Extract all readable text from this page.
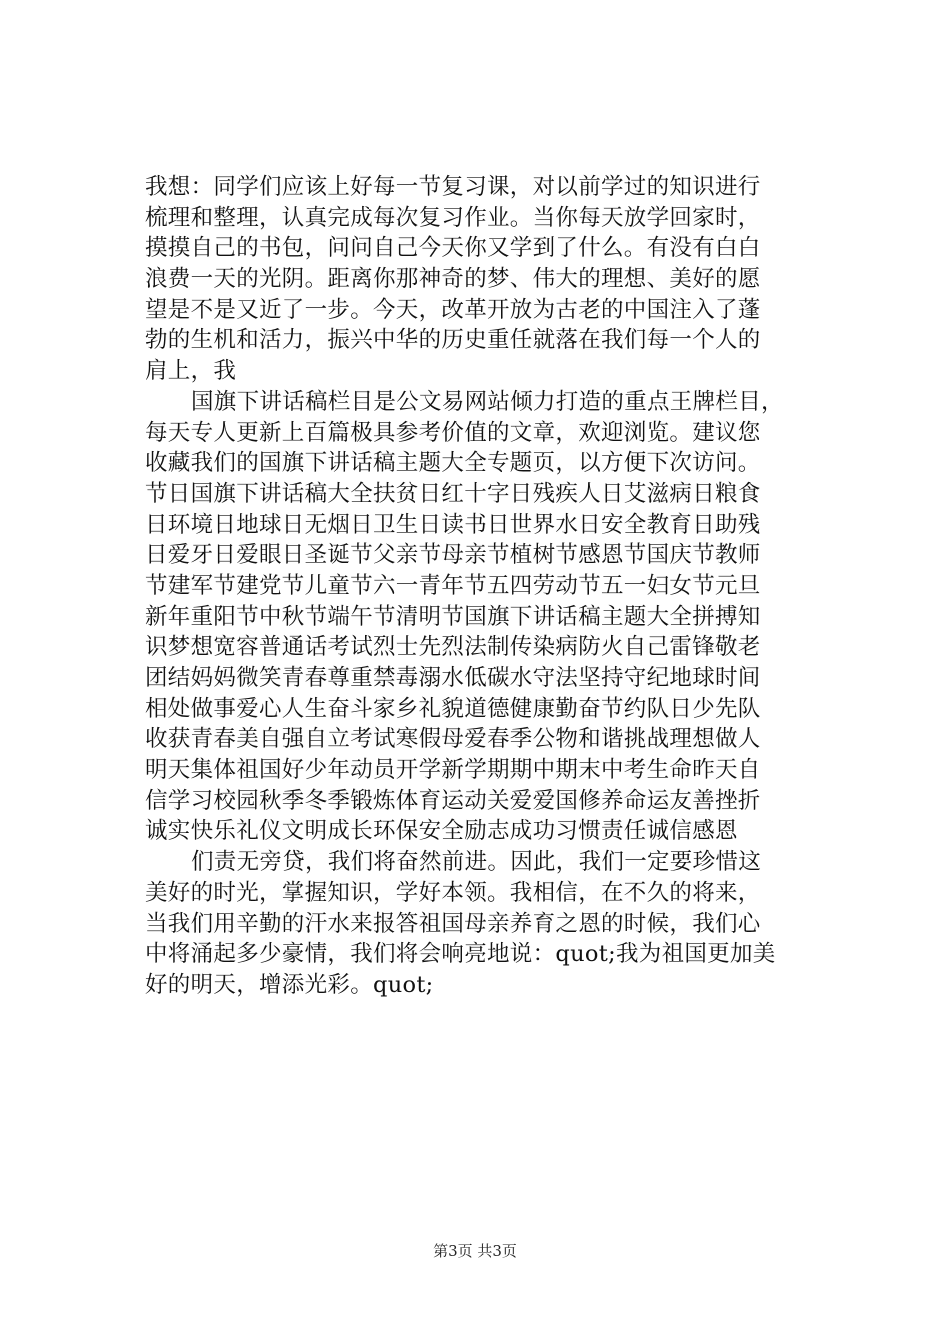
我想：同学们应该上好每一节复习课，对以前学过的知识进行
梳理和整理，认真完成每次复习作业。当你每天放学回家时，
摸摸自己的书包，问问自己今天你又学到了什么。有没有白白
浪费一天的光阴。距离你那神奇的梦、伟大的理想、美好的愿
望是不是又近了一步。今天，改革开放为古老的中国注入了蓬
勃的生机和活力，振兴中华的历史重任就落在我们每一个人的
肩上，我
国旗下讲话稿栏目是公文易网站倾力打造的重点王牌栏目，
每天专人更新上百篇极具参考价值的文章，欢迎浏览。建议您
收藏我们的国旗下讲话稿主题大全专题页，以方便下次访问。
节日国旗下讲话稿大全扶贫日红十字日残疾人日艾滋病日粮食
日环境日地球日无烟日卫生日读书日世界水日安全教育日助残
日爱牙日爱眼日圣诞节父亲节母亲节植树节感恩节国庆节教师
节建军节建党节儿童节六一青年节五四劳动节五一妇女节元旦
新年重阳节中秋节端午节清明节国旗下讲话稿主题大全拼搏知
识梦想宽容普通话考试烈士先烈法制传染病防火自己雷锋敬老
团结妈妈微笑青春尊重禁毒溺水低碳水守法坚持守纪地球时间
相处做事爱心人生奋斗家乡礼貌道德健康勤奋节约队日少先队
收获青春美自强自立考试寒假母爱春季公物和谐挑战理想做人
明天集体祖国好少年动员开学新学期期中期末中考生命昨天自
信学习校园秋季冬季锻炼体育运动关爱爱国修养命运友善挫折
诚实快乐礼仪文明成长环保安全励志成功习惯责任诚信感恩
们责无旁贷，我们将奋然前进。因此，我们一定要珍惜这
美好的时光，掌握知识，学好本领。我相信，在不久的将来，
当我们用辛勤的汗水来报答祖国母亲养育之恩的时候，我们心
中将涌起多少豪情，我们将会响亮地说：quot;我为祖国更加美
好的明天，增添光彩。quot;
第3页 共3页
